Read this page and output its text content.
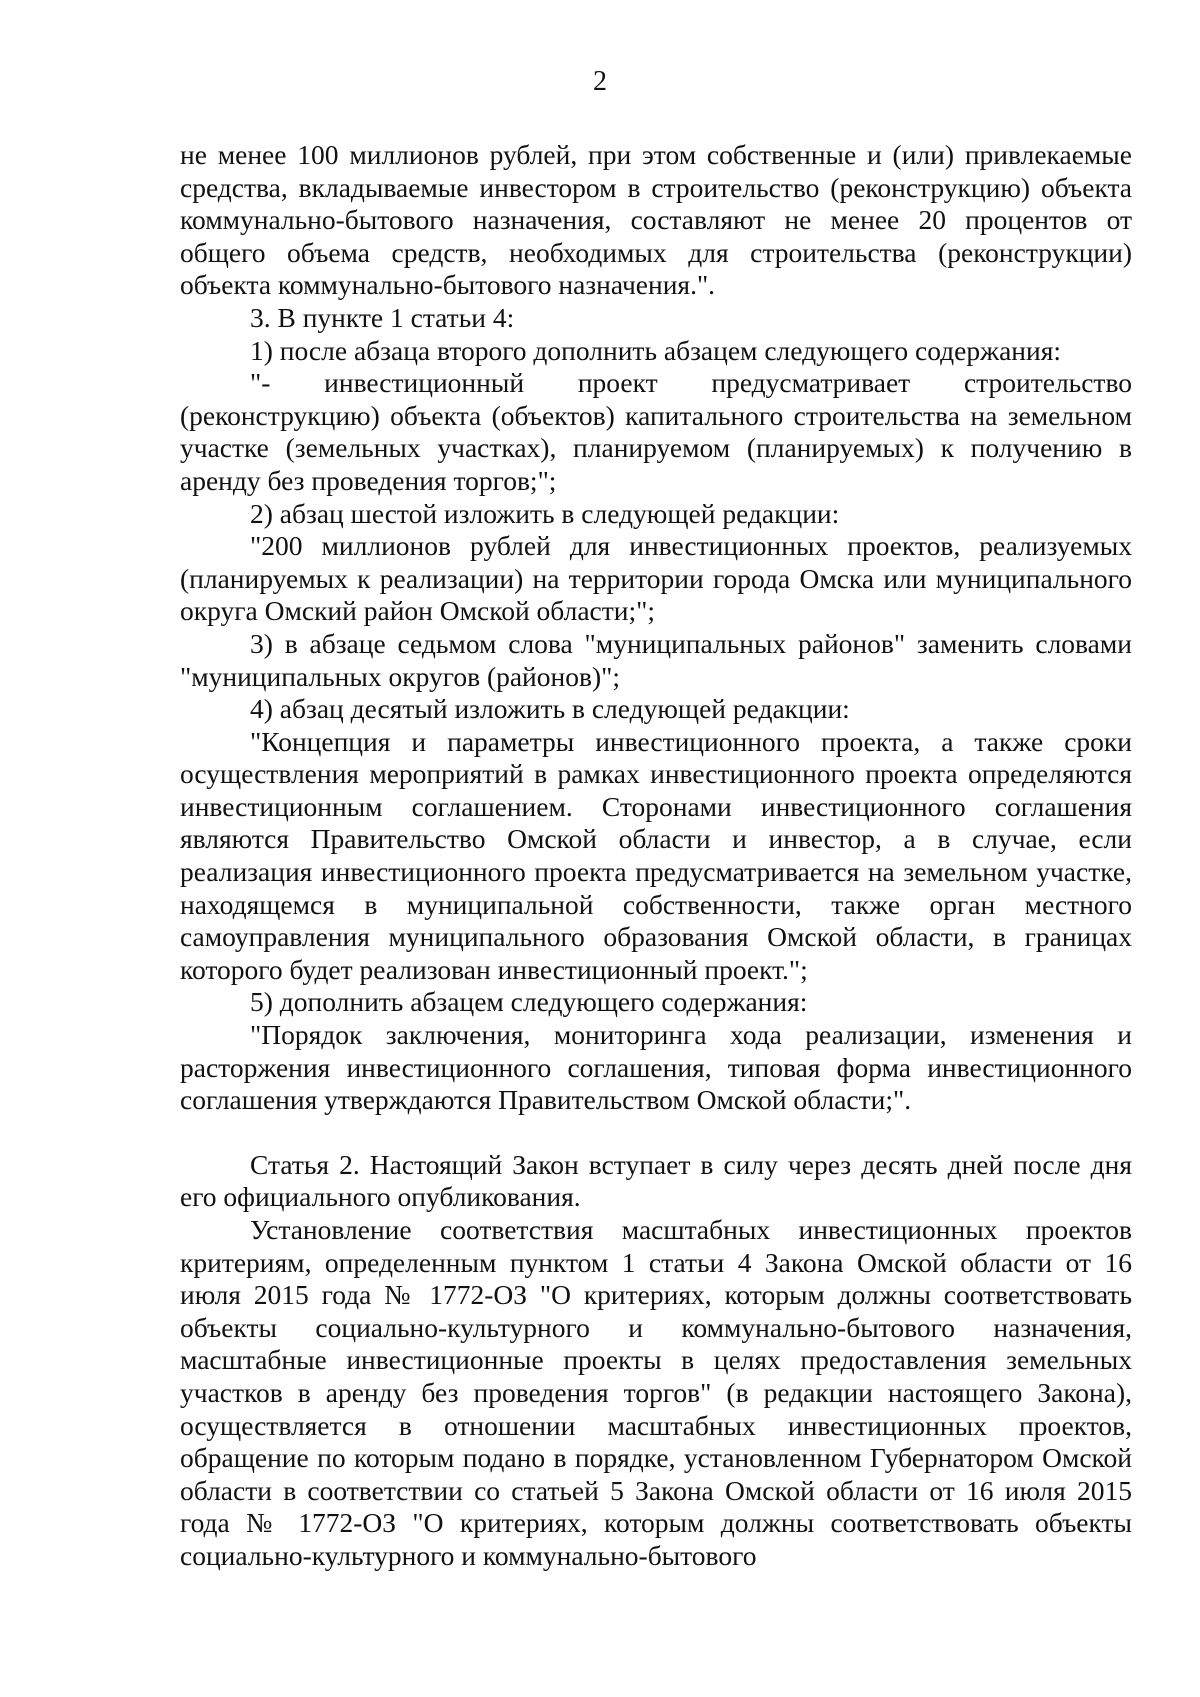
2

не менее 100 миллионов рублей, при этом собственные и (или) привлекаемые средства, вкладываемые инвестором в строительство (реконструкцию) объекта коммунально-бытового назначения, составляют не менее 20 процентов от общего объема средств, необходимых для строительства (реконструкции) объекта коммунально-бытового назначения.".

3. В пункте 1 статьи 4:

1) после абзаца второго дополнить абзацем следующего содержания:

"- инвестиционный проект предусматривает строительство (реконструкцию) объекта (объектов) капитального строительства на земельном участке (земельных участках), планируемом (планируемых) к получению в аренду без проведения торгов;";

2) абзац шестой изложить в следующей редакции:

"200 миллионов рублей для инвестиционных проектов, реализуемых (планируемых к реализации) на территории города Омска или муниципального округа Омский район Омской области;";

3) в абзаце седьмом слова "муниципальных районов" заменить словами "муниципальных округов (районов)";

4) абзац десятый изложить в следующей редакции:

"Концепция и параметры инвестиционного проекта, а также сроки осуществления мероприятий в рамках инвестиционного проекта определяются инвестиционным соглашением. Сторонами инвестиционного соглашения являются Правительство Омской области и инвестор, а в случае, если реализация инвестиционного проекта предусматривается на земельном участке, находящемся в муниципальной собственности, также орган местного самоуправления муниципального образования Омской области, в границах которого будет реализован инвестиционный проект.";

5) дополнить абзацем следующего содержания:

"Порядок заключения, мониторинга хода реализации, изменения и расторжения инвестиционного соглашения, типовая форма инвестиционного соглашения утверждаются Правительством Омской области;".

Статья 2. Настоящий Закон вступает в силу через десять дней после дня его официального опубликования.

Установление соответствия масштабных инвестиционных проектов критериям, определенным пунктом 1 статьи 4 Закона Омской области от 16 июля 2015 года № 1772-ОЗ "О критериях, которым должны соответствовать объекты социально-культурного и коммунально-бытового назначения, масштабные инвестиционные проекты в целях предоставления земельных участков в аренду без проведения торгов" (в редакции настоящего Закона), осуществляется в отношении масштабных инвестиционных проектов, обращение по которым подано в порядке, установленном Губернатором Омской области в соответствии со статьей 5 Закона Омской области от 16 июля 2015 года № 1772-ОЗ "О критериях, которым должны соответствовать объекты социально-культурного и коммунально-бытового
